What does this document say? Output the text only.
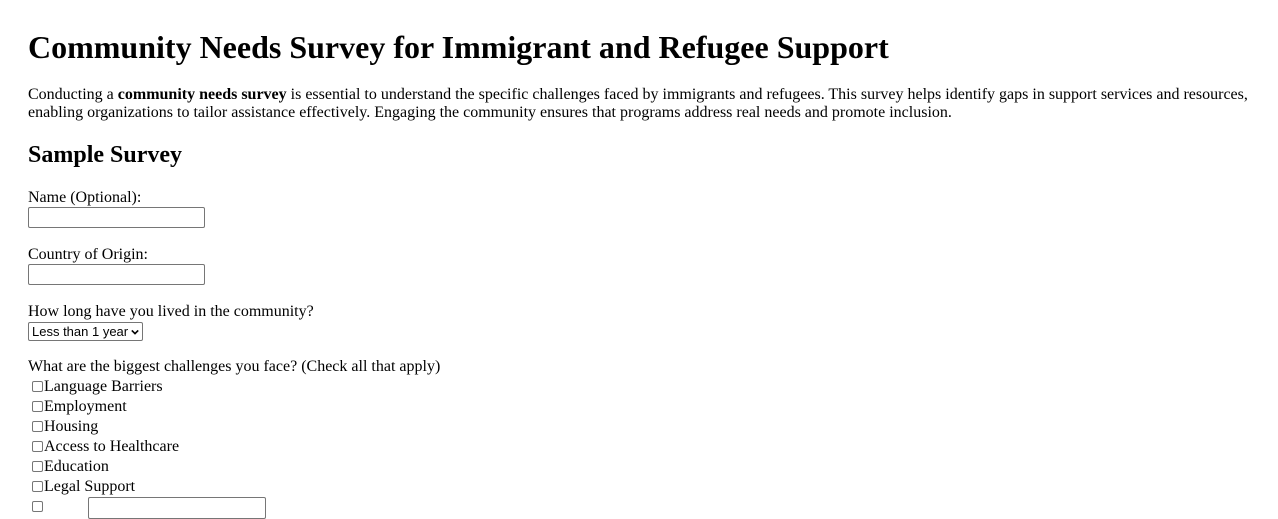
Community Needs Survey for Immigrant and Refugee Support

Conducting a community needs survey is essential to understand the specific challenges faced by immigrants and refugees. This survey helps identify gaps in support services and resources, enabling organizations to tailor assistance effectively. Engaging the community ensures that programs address real needs and promote inclusion.

Sample Survey
Name (Optional):
Country of Origin:
How long have you lived in the community?
Less than 1 year
What are the biggest challenges you face? (Check all that apply)
Language Barriers
Employment
Housing
Access to Healthcare
Education
Legal Support
